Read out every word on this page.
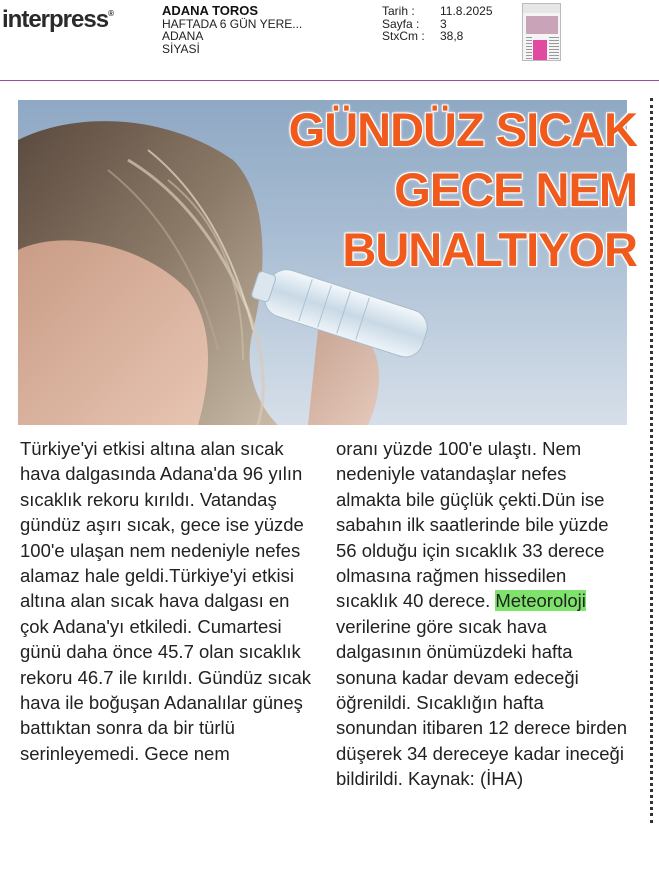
interpress®	ADANA TOROS
HAFTADA 6 GÜN YERE...
ADANA
SİYASİ
Tarih :	11.8.2025
Sayfa :	3
StxCm :	38,8
GÜNDÜZ SICAK
GECE NEM
BUNALTIYOR

Türkiye'yi etkisi altına alan sıcak hava dalgasında Adana'da 96 yılın sıcaklık rekoru kırıldı. Vatandaş gündüz aşırı sıcak, gece ise yüzde 100'e ulaşan nem nedeniyle nefes alamaz hale geldi.Türkiye'yi etkisi altına alan sıcak hava dalgası en çok Adana'yı etkiledi. Cumartesi günü daha önce 45.7 olan sıcaklık rekoru 46.7 ile kırıldı. Gündüz sıcak hava ile boğuşan Adanalılar güneş battıktan sonra da bir türlü serinleyemedi. Gece nem

oranı yüzde 100'e ulaştı. Nem nedeniyle vatandaşlar nefes almakta bile güçlük çekti.Dün ise sabahın ilk saatlerinde bile yüzde 56 olduğu için sıcaklık 33 derece olmasına rağmen hissedilen sıcaklık 40 derece. Meteoroloji verilerine göre sıcak hava dalgasının önümüzdeki hafta sonuna kadar devam edeceği öğrenildi. Sıcaklığın hafta sonundan itibaren 12 derece birden düşerek 34 dereceye kadar ineceği bildirildi. Kaynak: (İHA)
